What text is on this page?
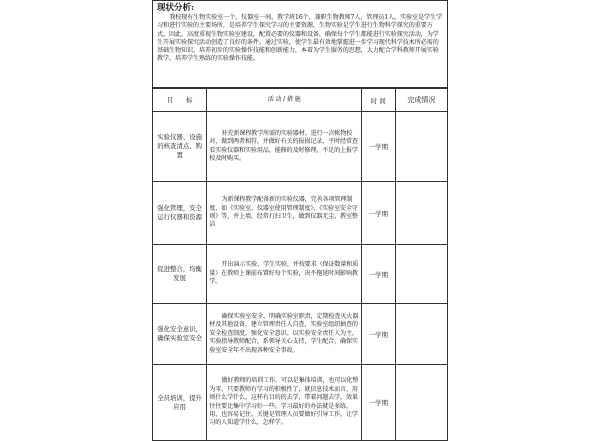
现状分析:
我校现有生物实验室一个，仪器室一间，教学班16个，兼职生物教师7人，管理员1人。实验室是学生学习和进行实验的主要场所，是培养学生探究学习的主要资源，生物实验是学生进行生物科学探究的重要方式。因此，高度重视生物实验室建设，配置必要的仪器和设备，确保每个学生都能进行实验探究活动，为学生开展实验探究活动创造了良好的条件。通过实验，使学生最有效地掌握进一步学习现代科学技术所必需的基础生物知识，培养初步的实验操作技能和创新能力，本着为学生服务的思想，大力配合学科教师开展实验教学，培养学生熟练的实验操作技能。
目　　标	活 动 / 措 施	时 间	完成情况
实验仪器、设施的核查清点、购置	补充新课程教学所需的实验器材。进行一次帐物校对，做到两者相符，并做好有关的报损记录，平时经常查看实验仪器和实验用品，能修的及时修理，不足的上报学校及时购买。	一学期	
强化管理，安全运行仪器和资源	为新课程教学配备新的实验仪器，完善各项管理制度，如《实验室、仪器室使用管理制度》、《实验室安全守则》等，并上墙，经常打扫卫生，做到仪器无尘、教室整洁	一学期	
促进整合，均衡发展	开出演示实验、学生实验，并按要求（保证数量和质量）在教师上课前布置好每个实验，决不拖延时间影响教学。	一学期	
强化安全意识，确保实验室安全	确保实验室安全，明确实验室职责，定期检查灭火器材及其他设备，建立管理责任人自查，实验室组织抽查的安全检查制度，强化安全意识。以实验安全责任人为主，实验指导教师配合，系领导关心支持，学生配合，确保实验室安全年不出现各种安全事故。	一学期	
全员培训，提升应用	做好教师的培训工作，可以是集体培训，也可以化整为零，只要教师有学习的积极性了，就信息技术而言，用则什么学什么，这样有目的的去学，带着问题去学，效果往往要比集中学习好一些。学习最好的办法就是多练，用，也容易记住。关键是管理人员要做好引导工作，让学习的人知道学什么，怎样学。	一学期	
